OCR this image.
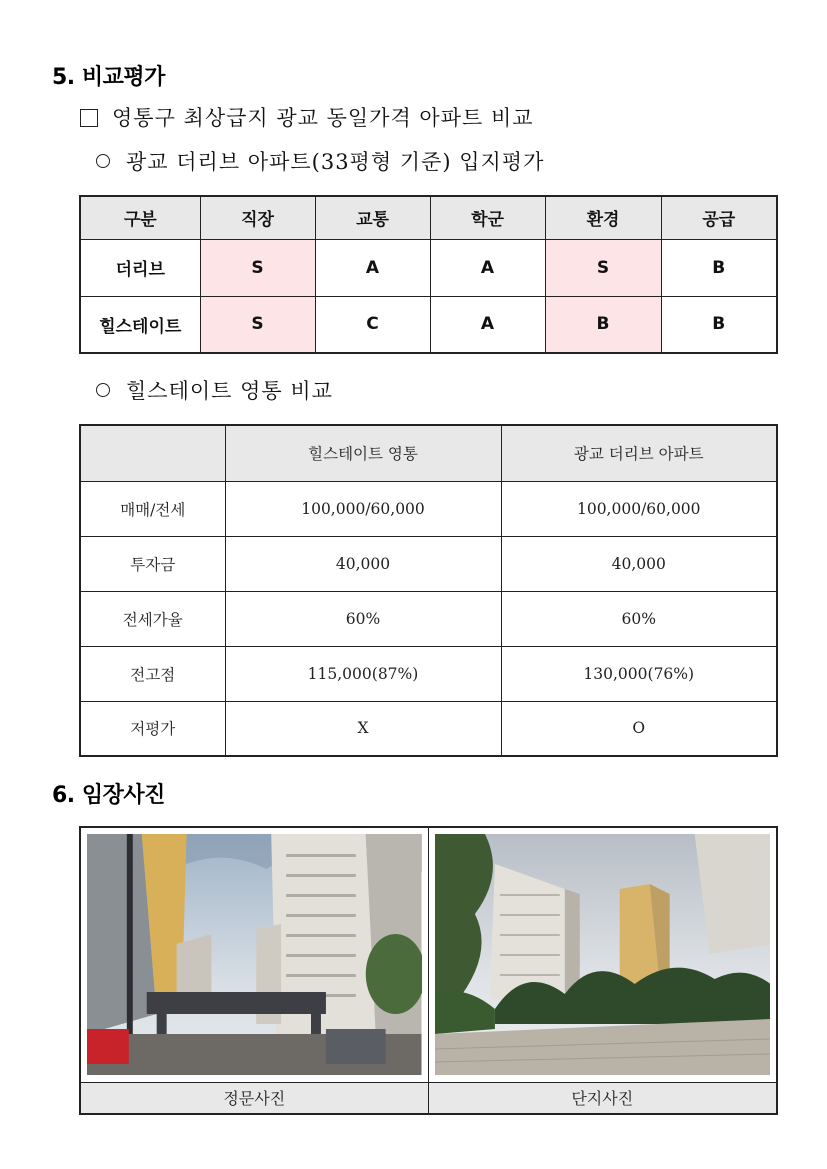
5. 비교평가
영통구 최상급지 광교 동일가격 아파트 비교
광교 더리브 아파트(33평형 기준) 입지평가
구분	직장	교통	학군	환경	공급
더리브	S	A	A	S	B
힐스테이트	S	C	A	B	B
힐스테이트 영통 비교
	힐스테이트 영통	광교 더리브 아파트
매매/전세	100,000/60,000	100,000/60,000
투자금	40,000	40,000
전세가율	60%	60%
전고점	115,000(87%)	130,000(76%)
저평가	X	O
6. 임장사진

정문사진	단지사진
